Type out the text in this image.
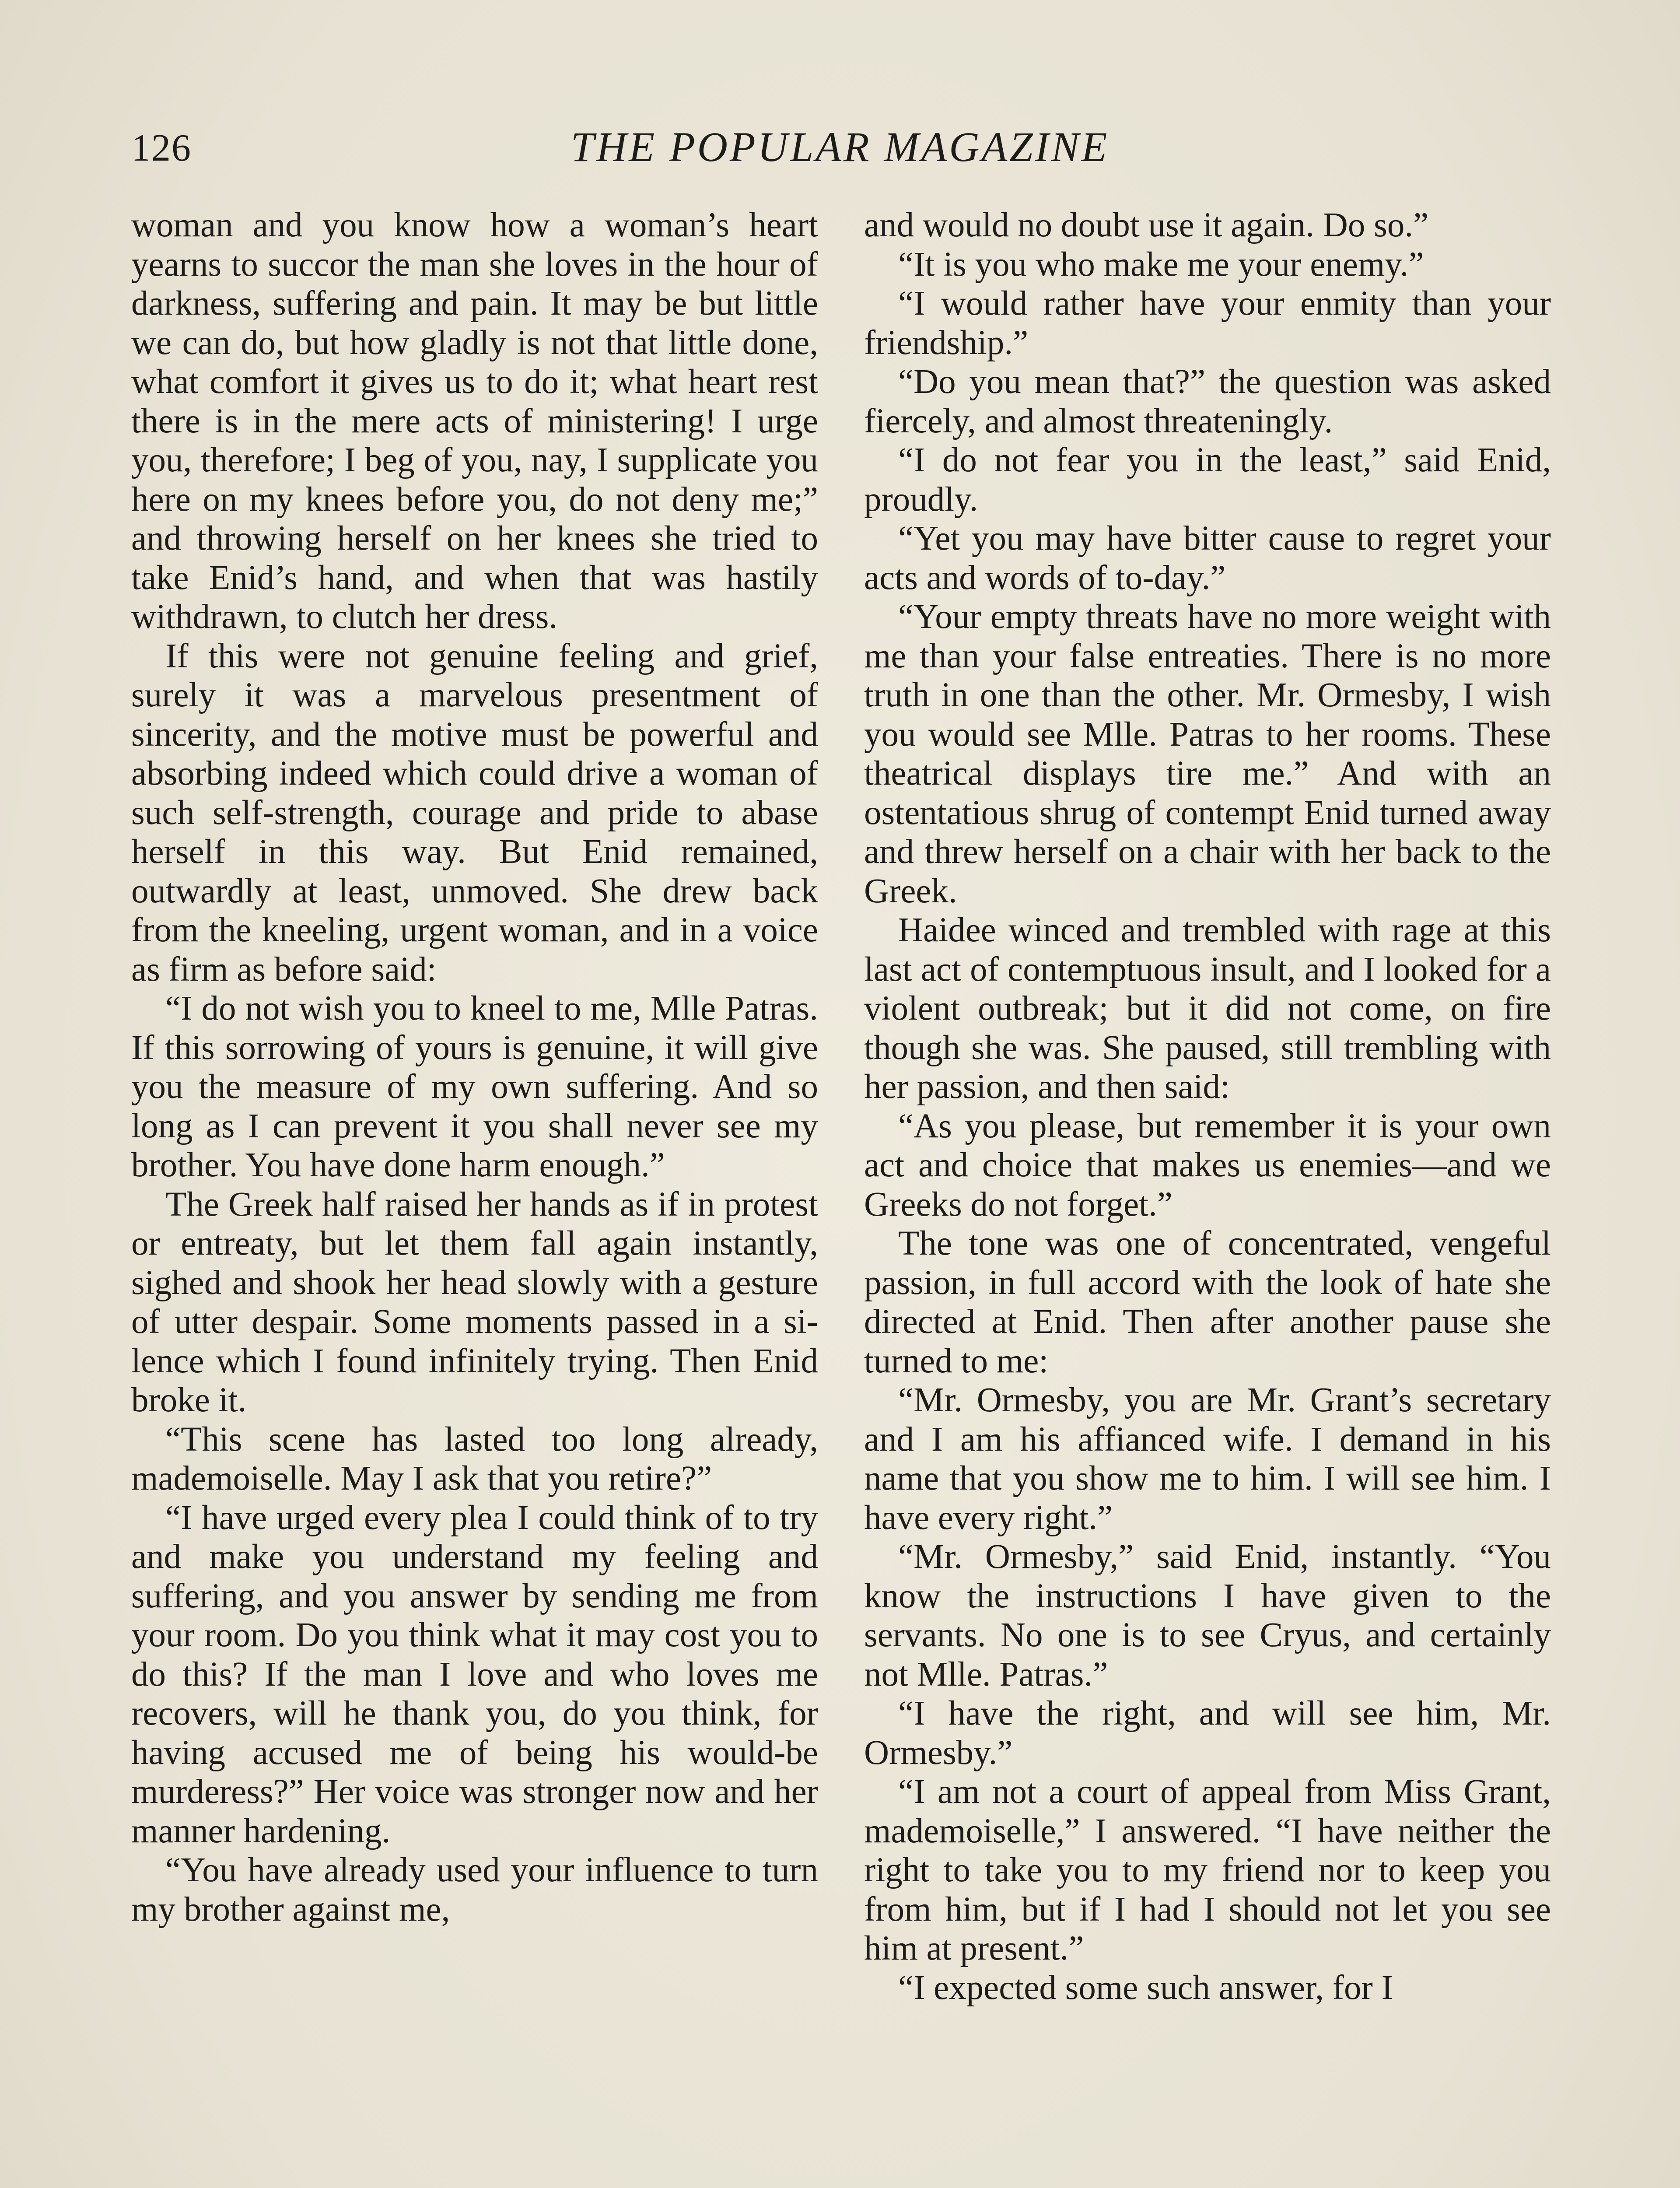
126	THE POPULAR MAGAZINE

woman and you know how a woman’s heart yearns to succor the man she loves in the hour of darkness, suffering and pain. It may be but little we can do, but how gladly is not that little done, what comfort it gives us to do it; what heart rest there is in the mere acts of ministering! I urge you, therefore; I beg of you, nay, I supplicate you here on my knees before you, do not deny me;” and throwing herself on her knees she tried to take Enid’s hand, and when that was hastily withdrawn, to clutch her dress.

If this were not genuine feeling and grief, surely it was a marvelous presentment of sincerity, and the motive must be powerful and absorbing indeed which could drive a woman of such self-strength, courage and pride to abase herself in this way. But Enid remained, outwardly at least, unmoved. She drew back from the kneeling, urgent woman, and in a voice as firm as before said:

“I do not wish you to kneel to me, Mlle Patras. If this sorrowing of yours is genuine, it will give you the measure of my own suffering. And so long as I can prevent it you shall never see my brother. You have done harm enough.”

The Greek half raised her hands as if in protest or entreaty, but let them fall again instantly, sighed and shook her head slowly with a gesture of utter despair. Some moments passed in a silence which I found infinitely trying. Then Enid broke it.

“This scene has lasted too long already, mademoiselle. May I ask that you retire?”

“I have urged every plea I could think of to try and make you understand my feeling and suffering, and you answer by sending me from your room. Do you think what it may cost you to do this? If the man I love and who loves me recovers, will he thank you, do you think, for having accused me of being his would-be murderess?” Her voice was stronger now and her manner hardening.

“You have already used your influence to turn my brother against me,

and would no doubt use it again. Do so.”

“It is you who make me your enemy.”

“I would rather have your enmity than your friendship.”

“Do you mean that?” the question was asked fiercely, and almost threateningly.

“I do not fear you in the least,” said Enid, proudly.

“Yet you may have bitter cause to regret your acts and words of to-day.”

“Your empty threats have no more weight with me than your false entreaties. There is no more truth in one than the other. Mr. Ormesby, I wish you would see Mlle. Patras to her rooms. These theatrical displays tire me.” And with an ostentatious shrug of contempt Enid turned away and threw herself on a chair with her back to the Greek.

Haidee winced and trembled with rage at this last act of contemptuous insult, and I looked for a violent outbreak; but it did not come, on fire though she was. She paused, still trembling with her passion, and then said:

“As you please, but remember it is your own act and choice that makes us enemies—and we Greeks do not forget.”

The tone was one of concentrated, vengeful passion, in full accord with the look of hate she directed at Enid. Then after another pause she turned to me:

“Mr. Ormesby, you are Mr. Grant’s secretary and I am his affianced wife. I demand in his name that you show me to him. I will see him. I have every right.”

“Mr. Ormesby,” said Enid, instantly. “You know the instructions I have given to the servants. No one is to see Cryus, and certainly not Mlle. Patras.”

“I have the right, and will see him, Mr. Ormesby.”

“I am not a court of appeal from Miss Grant, mademoiselle,” I answered. “I have neither the right to take you to my friend nor to keep you from him, but if I had I should not let you see him at present.”

“I expected some such answer, for I
